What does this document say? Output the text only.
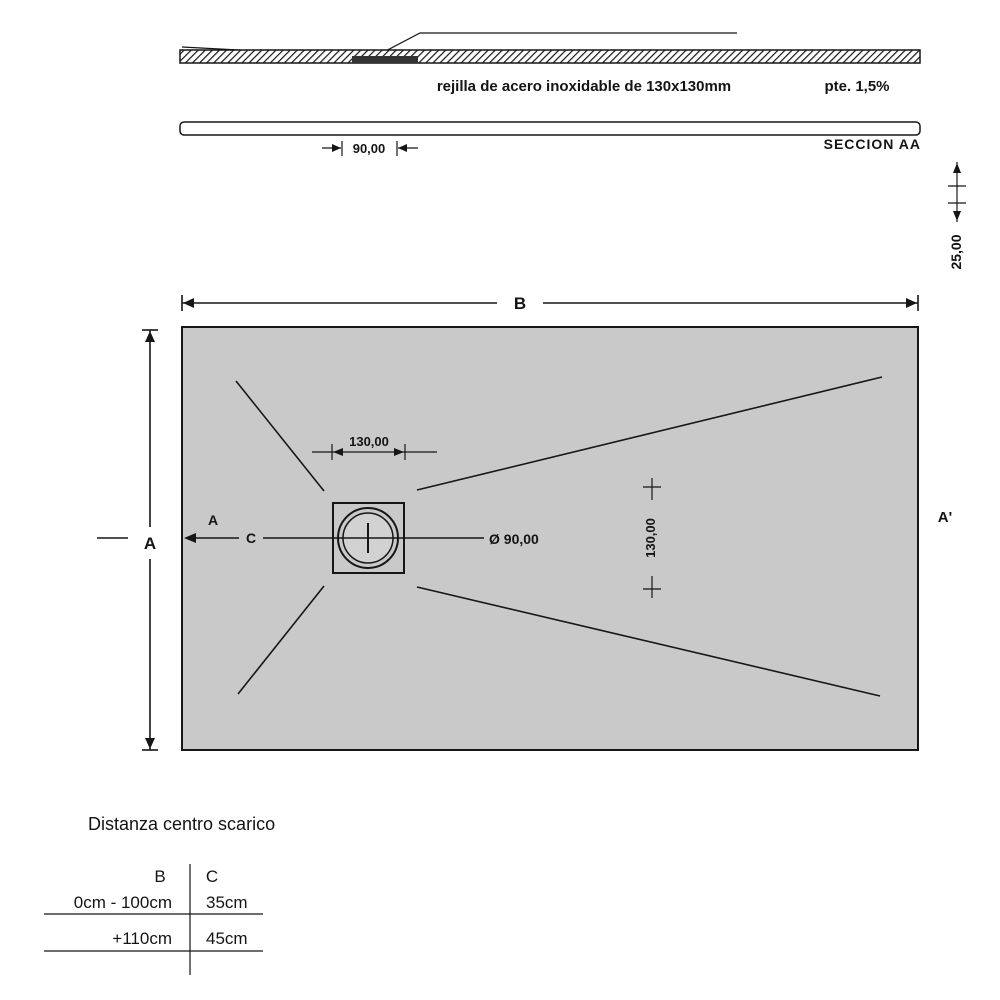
rejilla de acero inoxidable de 130x130mm	pte. 1,5%
SECCION AA
90,00
25,00
B
A
A'
130,00
A
C	Ø 90,00	130,00
Distanza centro scarico
B C
0cm - 100cm 35cm
+110cm 45cm
